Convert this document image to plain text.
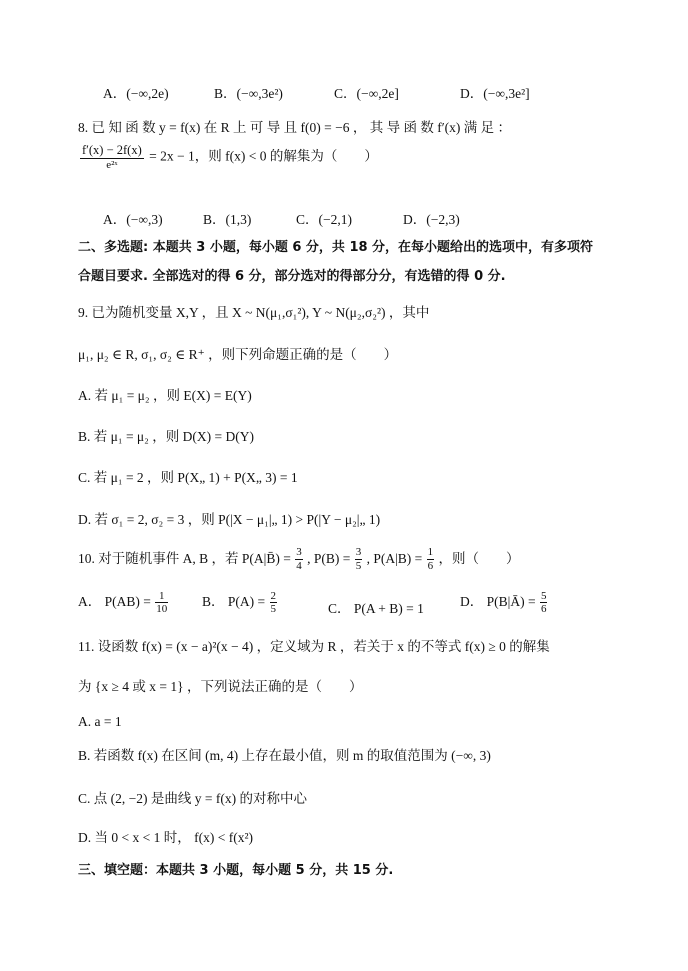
A．(−∞,2e)	B．(−∞,3e²)	C．(−∞,2e]	D．(−∞,3e²]
8. 已 知 函 数 y = f(x) 在 R 上 可 导 且 f(0) = −6 ， 其 导 函 数 f′(x) 满 足 ：
$\frac{f'(x) - 2f(x)}{\text{e²ˣ}} = 2x - 1$，则 f(x) < 0 的解集为（　　）
A．(−∞,3)	B．(1,3)	C．(−2,1)	D．(−2,3)
二、多选题: 本题共 3 小题，每小题 6 分，共 18 分，在每小题给出的选项中，有多项符
合题目要求. 全部选对的得 6 分，部分选对的得部分分，有选错的得 0 分.
9. 已为随机变量 X,Y ，且 X ~ N(μ₁,σ₁²), Y ~ N(μ₂,σ₂²) ，其中
μ₁, μ₂ ∈ R, σ₁, σ₂ ∈ R⁺ ，则下列命题正确的是（　　）
A. 若 μ₁ = μ₂ ，则 E(X) = E(Y)
B. 若 μ₁ = μ₂ ，则 D(X) = D(Y)
C. 若 μ₁ = 2 ，则 P(X„ 1) + P(X„ 3) = 1
D. 若 σ₁ = 2, σ₂ = 3 ，则 P(|X − μ₁|„ 1) > P(|Y − μ₂|„ 1)
10. 对于随机事件 A, B ，若 P(A|B̄) = $\frac{3}{4}$ , $P(B) = \frac{3}{5}$ , $P(A|B) = \frac{1}{6}$ ，则（　　）
A． $P(AB) = \frac{1}{10}$	B． $P(A) = \frac{2}{5}$	C． P(A + B) = 1	D． P(B|Ā) = $\frac{5}{6}$
11. 设函数 f(x) = (x − a)²(x − 4) ，定义域为 R ，若关于 x 的不等式 f(x) ≥ 0 的解集
为 {x ≥ 4 或 x = 1} ，下列说法正确的是（　　）
A. a = 1
B. 若函数 f(x) 在区间 (m, 4) 上存在最小值，则 m 的取值范围为 (−∞, 3)
C. 点 (2, −2) 是曲线 y = f(x) 的对称中心
D. 当 0 < x < 1 时， f(x) < f(x²)
三、填空题：本题共 3 小题，每小题 5 分，共 15 分.
